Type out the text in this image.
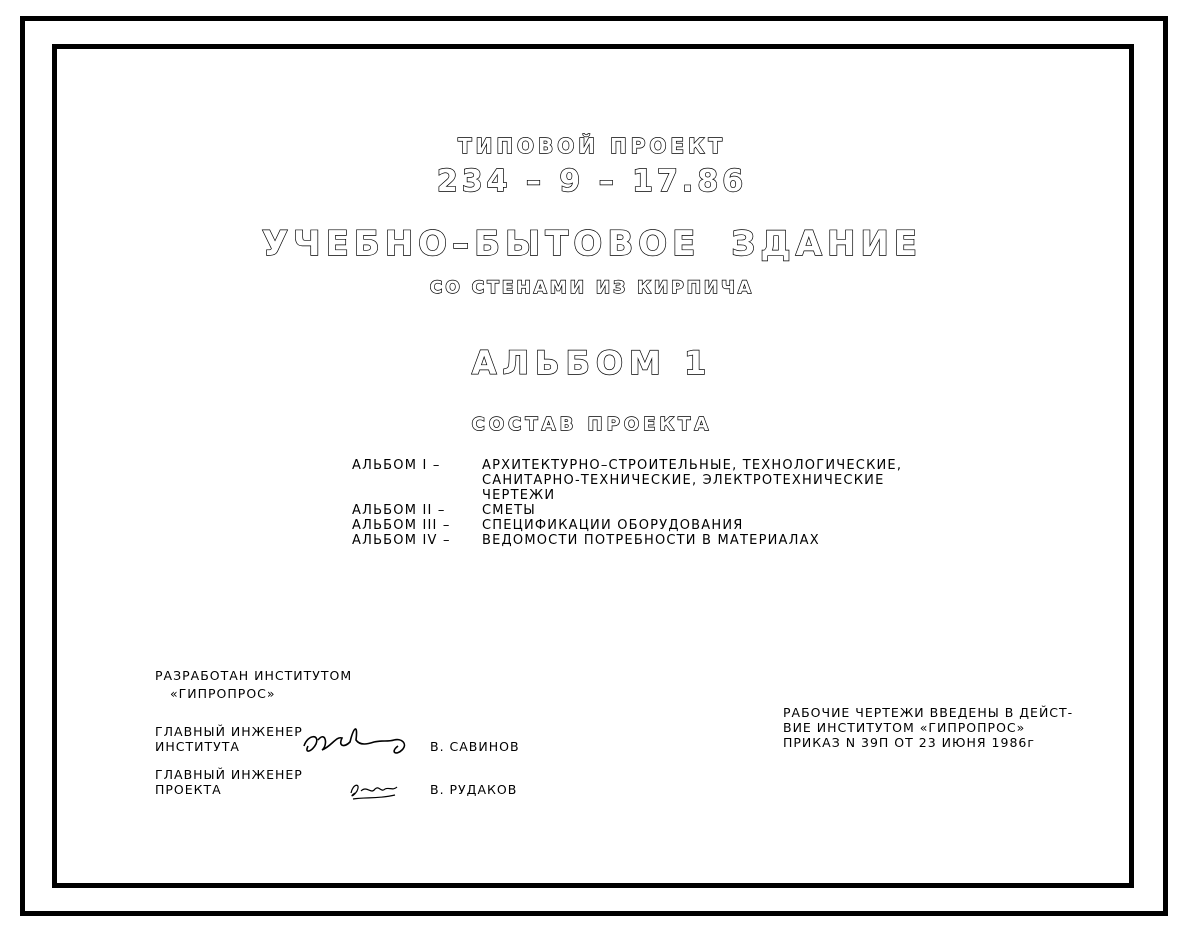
ТИПОВОЙ ПРОЕКТ
234 – 9 – 17.86
УЧЕБНО–БЫТОВОЕ ЗДАНИЕ
СО СТЕНАМИ ИЗ КИРПИЧА
АЛЬБОМ 1
СОСТАВ ПРОЕКТА
АЛЬБОМ I –	АРХИТЕКТУРНО–СТРОИТЕЛЬНЫЕ, ТЕХНОЛОГИЧЕСКИЕ,
САНИТАРНО-ТЕХНИЧЕСКИЕ, ЭЛЕКТРОТЕХНИЧЕСКИЕ
ЧЕРТЕЖИ
АЛЬБОМ II –	СМЕТЫ
АЛЬБОМ III –	СПЕЦИФИКАЦИИ ОБОРУДОВАНИЯ
АЛЬБОМ IV –	ВЕДОМОСТИ ПОТРЕБНОСТИ В МАТЕРИАЛАХ
РАЗРАБОТАН ИНСТИТУТОМ
«ГИПРОПРОС»
ГЛАВНЫЙ ИНЖЕНЕР
ИНСТИТУТА	В. САВИНОВ
ГЛАВНЫЙ ИНЖЕНЕР
ПРОЕКТА	В. РУДАКОВ
РАБОЧИЕ ЧЕРТЕЖИ ВВЕДЕНЫ В ДЕЙСТ-
ВИЕ ИНСТИТУТОМ «ГИПРОПРОС»
ПРИКАЗ N 39П ОТ 23 ИЮНЯ 1986г
